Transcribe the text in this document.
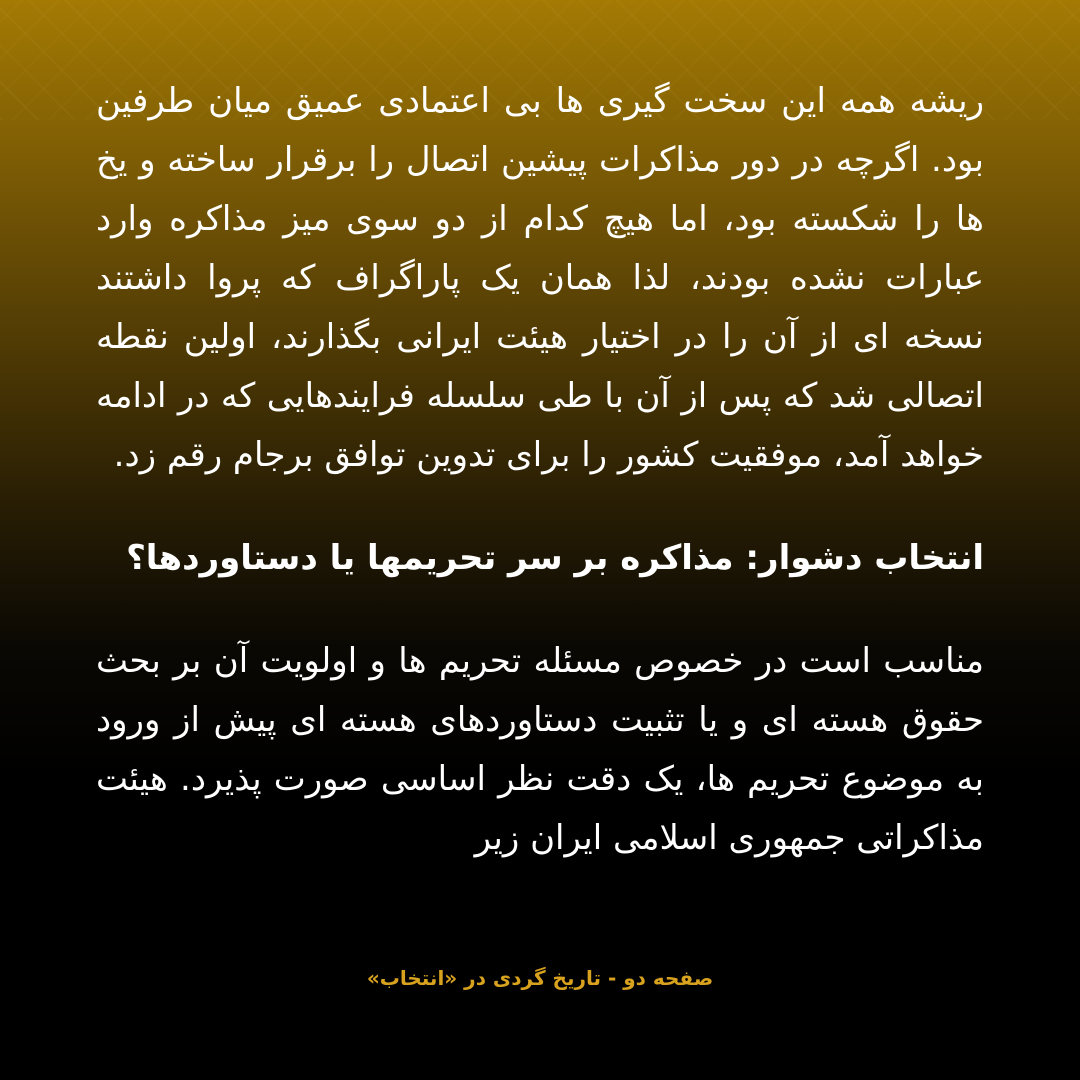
ریشه همه این سخت گیری ها بی اعتمادی عمیق میان طرفین بود. اگرچه در دور مذاکرات پیشین اتصال را برقرار ساخته و یخ ها را شکسته بود، اما هیچ کدام از دو سوی میز مذاکره وارد عبارات نشده بودند، لذا همان یک پاراگراف که پروا داشتند نسخه ای از آن را در اختیار هیئت ایرانی بگذارند، اولین نقطه اتصالی شد که پس از آن با طی سلسله فرایندهایی که در ادامه خواهد آمد، موفقیت کشور را برای تدوین توافق برجام رقم زد.

انتخاب دشوار: مذاکره بر سر تحریمها یا دستاوردها؟

مناسب است در خصوص مسئله تحریم ها و اولویت آن بر بحث حقوق هسته ای و یا تثبیت دستاوردهای هسته ای پیش از ورود به موضوع تحریم ها، یک دقت نظر اساسی صورت پذیرد. هیئت مذاکراتی جمهوری اسلامی ایران زیر

صفحه دو - تاریخ گردی در «انتخاب»
